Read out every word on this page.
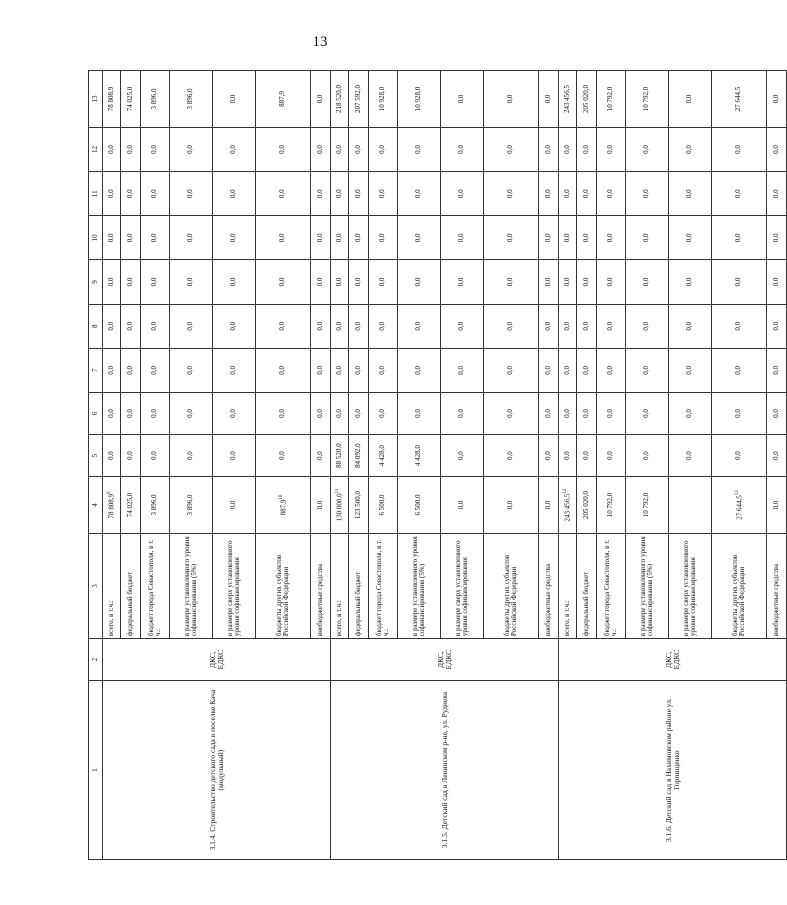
13
1	2	3	4	5	6	7	8	9	10	11	12	13
3.1.4. Строительство детского сада в поселке Кача (модульный)	ДКС, ЕДКС	всего, в т.ч.:	78 808,9$^9$	0,0	0,0	0,0	0,0	0,0	0,0	0,0	0,0	78 808,9
		федеральный бюджет	74 025,0	0,0	0,0	0,0	0,0	0,0	0,0	0,0	0,0	74 025,0
		бюджет города Севастополя, в т. ч.:	3 896,0	0,0	0,0	0,0	0,0	0,0	0,0	0,0	0,0	3 896,0
		в размере установленного уровня софинансирования (5%)	3 896,0	0,0	0,0	0,0	0,0	0,0	0,0	0,0	0,0	3 896,0
		в размере сверх установленного уровня софинансирования	0,0	0,0	0,0	0,0	0,0	0,0	0,0	0,0	0,0	0,0
		бюджеты других субъектов Российской Федерации	887,9$^{10}$	0,0	0,0	0,0	0,0	0,0	0,0	0,0	0,0	887,9
		внебюджетные средства	0,0	0,0	0,0	0,0	0,0	0,0	0,0	0,0	0,0	0,0
3.1.5. Детский сад в Ленинском р-не, ул. Руднева	ДКС, ЕДКС	всего, в т.ч.:	130 000,0$^{11}$	88 520,0	0,0	0,0	0,0	0,0	0,0	0,0	0,0	218 520,0
		федеральный бюджет	123 500,0	84 092,0	0,0	0,0	0,0	0,0	0,0	0,0	0,0	207 592,0
		бюджет города Севастополя, в т. ч.:	6 500,0	4 428,0	0,0	0,0	0,0	0,0	0,0	0,0	0,0	10 928,0
		в размере установленного уровня софинансирования (5%)	6 500,0	4 428,0	0,0	0,0	0,0	0,0	0,0	0,0	0,0	10 928,0
		в размере сверх установленного уровня софинансирования	0,0	0,0	0,0	0,0	0,0	0,0	0,0	0,0	0,0	0,0
		бюджеты других субъектов Российской Федерации	0,0	0,0	0,0	0,0	0,0	0,0	0,0	0,0	0,0	0,0
		внебюджетные средства	0,0	0,0	0,0	0,0	0,0	0,0	0,0	0,0	0,0	0,0
3.1.6. Детский сад в Нахимовском районе ул. Горпищенко	ДКС, ЕДКС	всего, в т.ч.:	243 456,5$^{12}$	0,0	0,0	0,0	0,0	0,0	0,0	0,0	0,0	243 456,5
		федеральный бюджет	205 020,0	0,0	0,0	0,0	0,0	0,0	0,0	0,0	0,0	205 020,0
		бюджет города Севастополя, в т. ч.:	10 792,0	0,0	0,0	0,0	0,0	0,0	0,0	0,0	0,0	10 792,0
		в размере установленного уровня софинансирования (5%)	10 792,0	0,0	0,0	0,0	0,0	0,0	0,0	0,0	0,0	10 792,0
		в размере сверх установленного уровня софинансирования		0,0	0,0	0,0	0,0	0,0	0,0	0,0	0,0	0,0
		бюджеты других субъектов Российской Федерации	27 644,5$^{13}$	0,0	0,0	0,0	0,0	0,0	0,0	0,0	0,0	27 644,5
		внебюджетные средства	0,0	0,0	0,0	0,0	0,0	0,0	0,0	0,0	0,0	0,0
